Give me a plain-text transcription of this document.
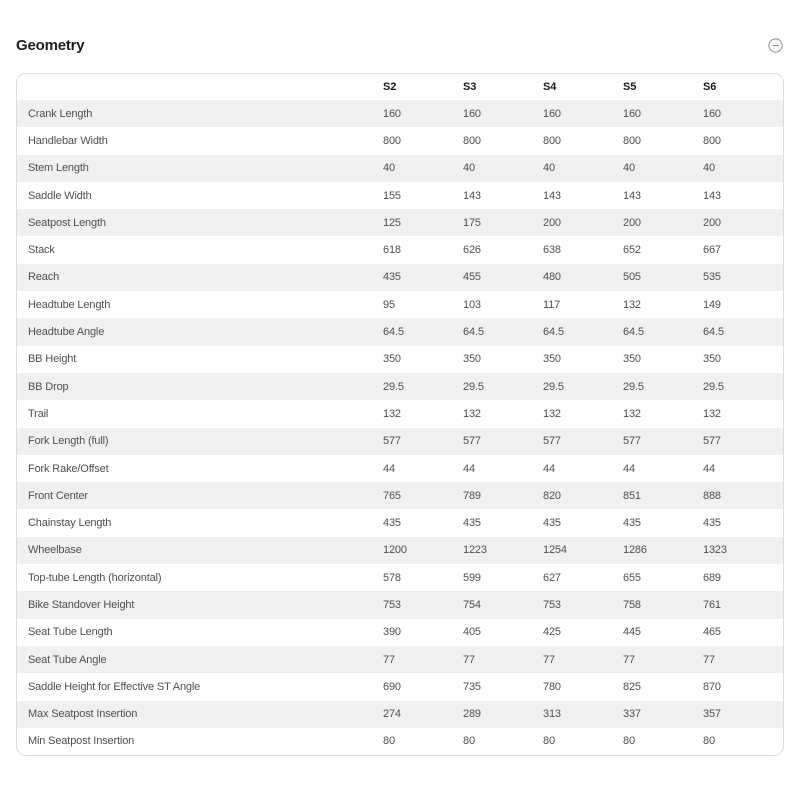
Geometry
	S2	S3	S4	S5	S6
Crank Length	160	160	160	160	160
Handlebar Width	800	800	800	800	800
Stem Length	40	40	40	40	40
Saddle Width	155	143	143	143	143
Seatpost Length	125	175	200	200	200
Stack	618	626	638	652	667
Reach	435	455	480	505	535
Headtube Length	95	103	117	132	149
Headtube Angle	64.5	64.5	64.5	64.5	64.5
BB Height	350	350	350	350	350
BB Drop	29.5	29.5	29.5	29.5	29.5
Trail	132	132	132	132	132
Fork Length (full)	577	577	577	577	577
Fork Rake/Offset	44	44	44	44	44
Front Center	765	789	820	851	888
Chainstay Length	435	435	435	435	435
Wheelbase	1200	1223	1254	1286	1323
Top-tube Length (horizontal)	578	599	627	655	689
Bike Standover Height	753	754	753	758	761
Seat Tube Length	390	405	425	445	465
Seat Tube Angle	77	77	77	77	77
Saddle Height for Effective ST Angle	690	735	780	825	870
Max Seatpost Insertion	274	289	313	337	357
Min Seatpost Insertion	80	80	80	80	80
